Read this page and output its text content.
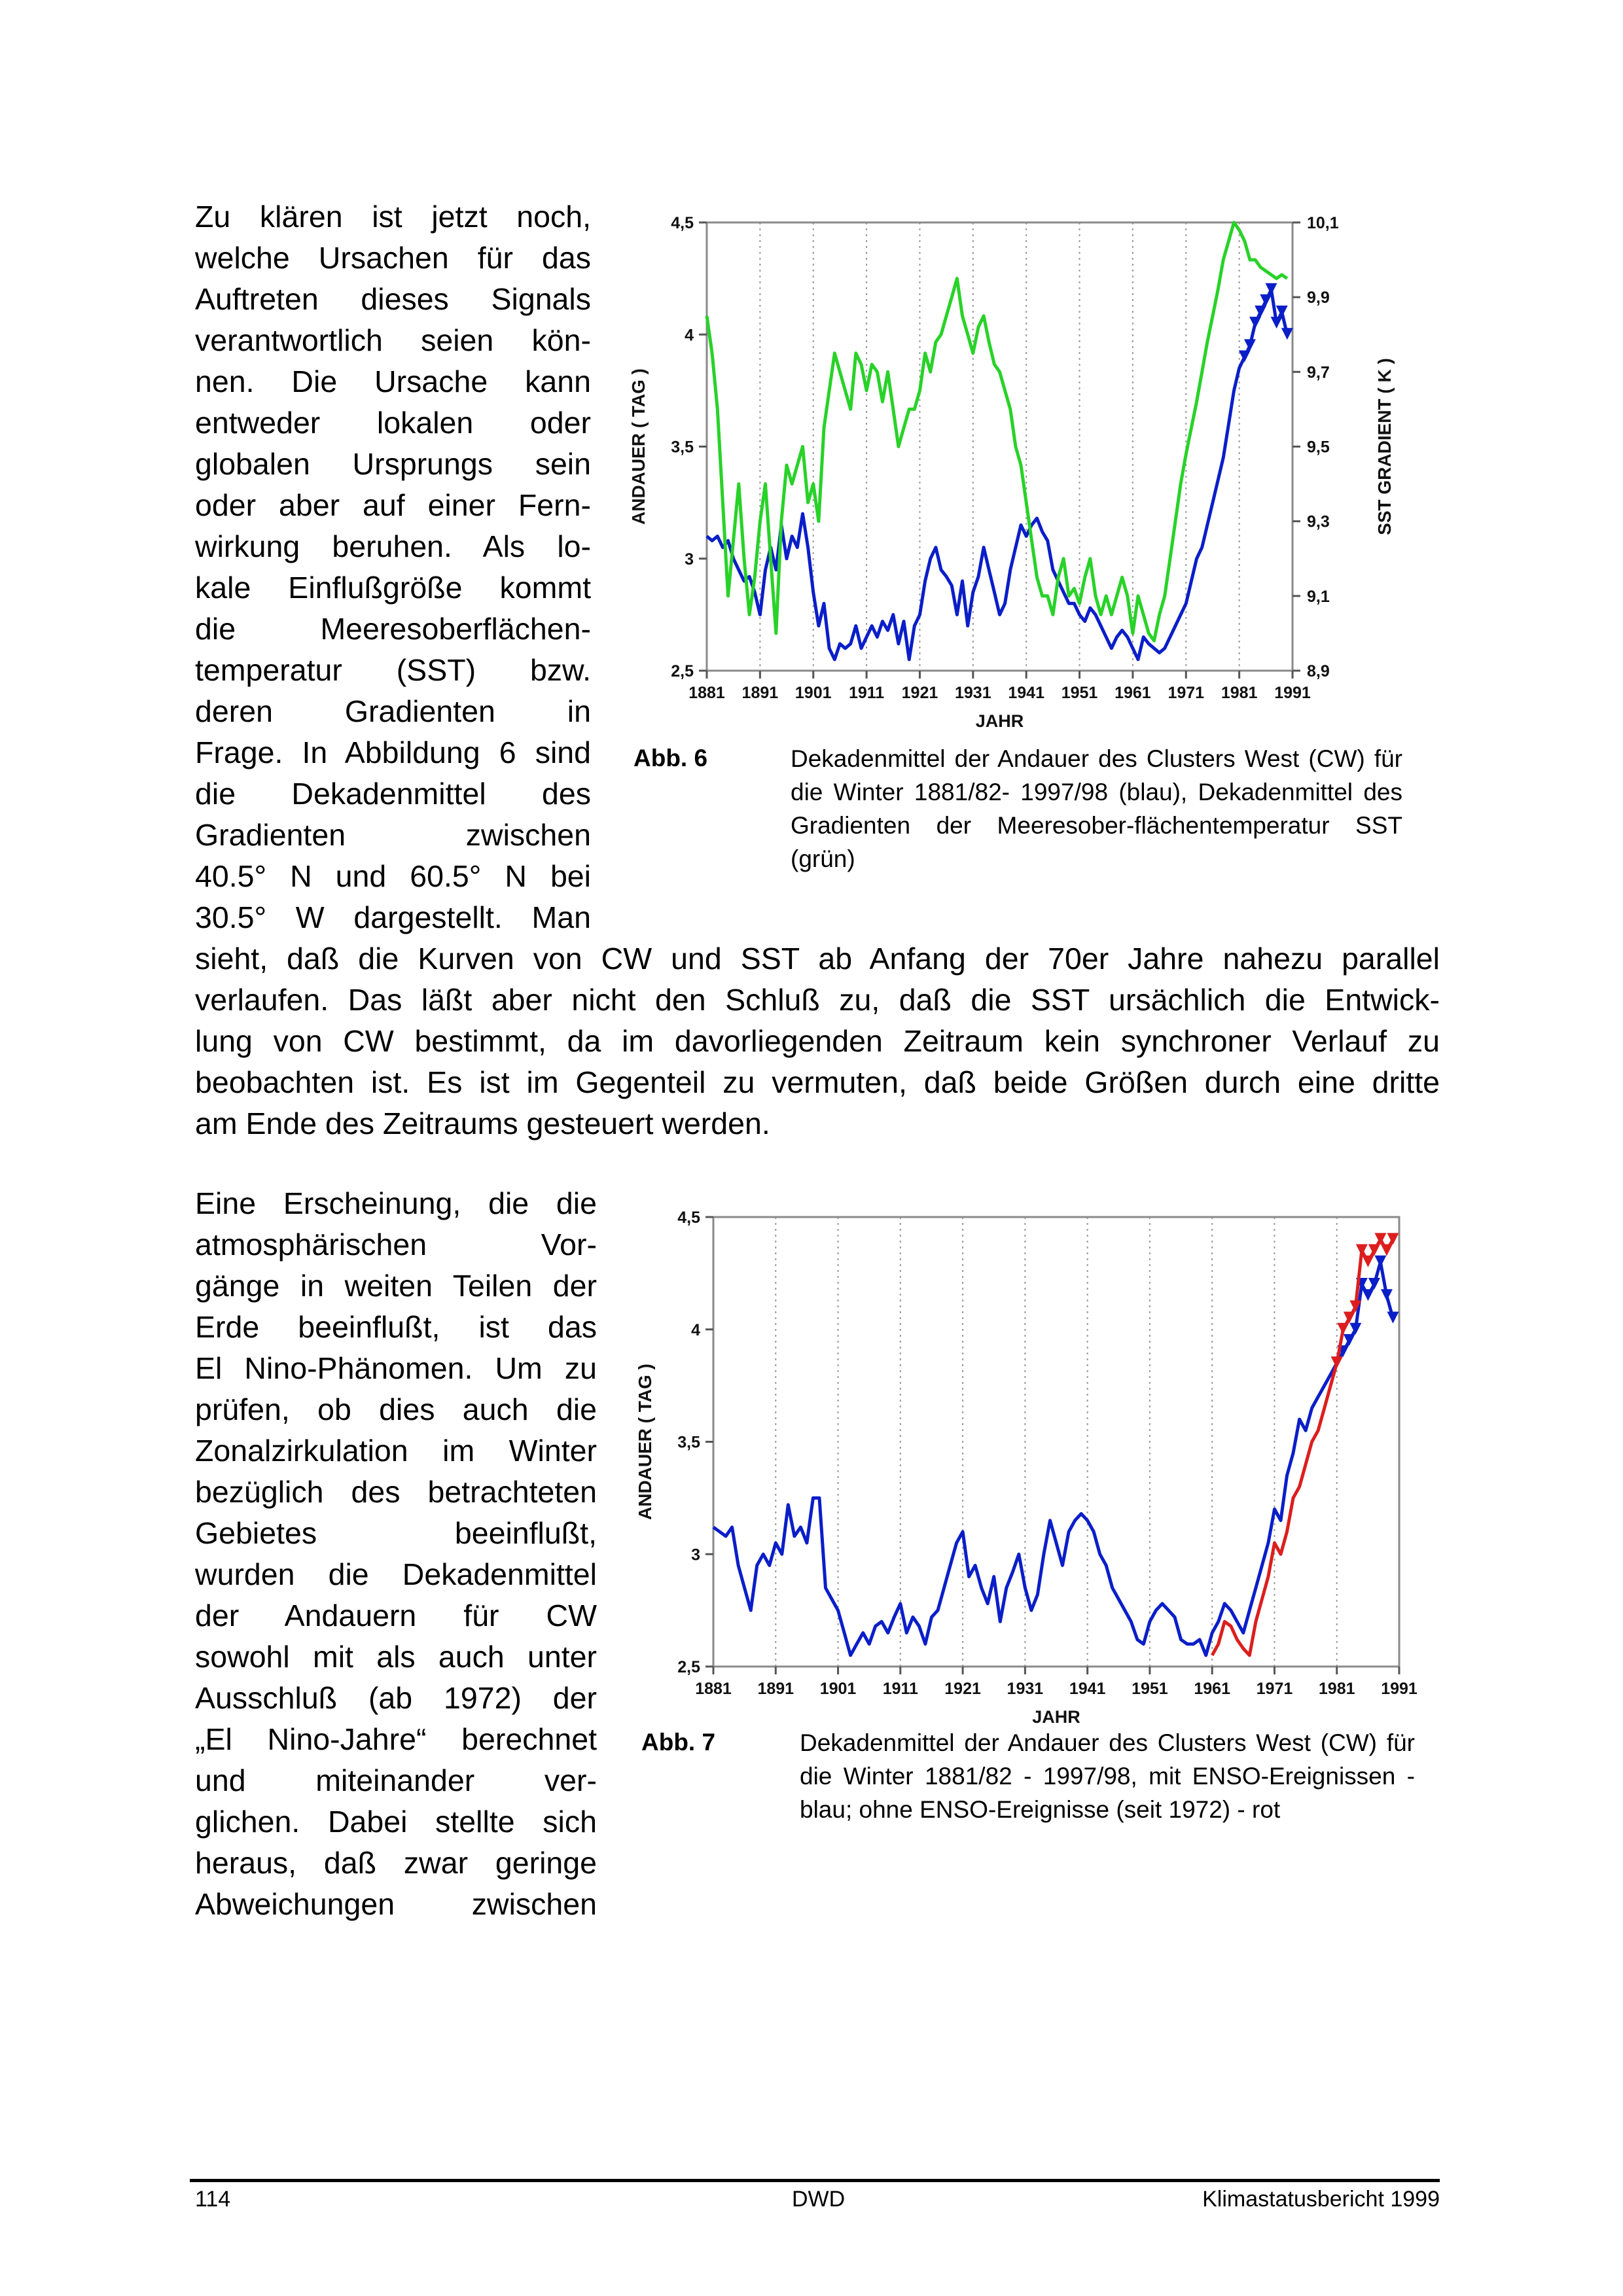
Zu klären ist jetzt noch,
welche Ursachen für das
Auftreten dieses Signals
verantwortlich seien kön-
nen. Die Ursache kann
entweder lokalen oder
globalen Ursprungs sein
oder aber auf einer Fern-
wirkung beruhen. Als lo-
kale Einflußgröße kommt
die Meeresoberflächen-
temperatur (SST) bzw.
deren Gradienten in
Frage. In Abbildung 6 sind
die Dekadenmittel des
Gradienten zwischen
40.5° N und 60.5° N bei
30.5° W dargestellt. Man
1881 1891 1901 1911 1921 1931 1941 1951 1961 1971 1981 1991
2,5
3
3,5
4
4,5
8,9
9,1
9,3
9,5
9,7
9,9
10,1
SST GRADIENT ( K )
JAHR
ANDAUER ( TAG )
Abb. 6	Dekadenmittel der Andauer des Clusters West (CW) für die Winter 1881/82- 1997/98 (blau), Dekadenmittel des Gradienten der Meeresober-flächentemperatur SST (grün)
sieht, daß die Kurven von CW und SST ab Anfang der 70er Jahre nahezu parallel
verlaufen. Das läßt aber nicht den Schluß zu, daß die SST ursächlich die Entwick-
lung von CW bestimmt, da im davorliegenden Zeitraum kein synchroner Verlauf zu
beobachten ist. Es ist im Gegenteil zu vermuten, daß beide Größen durch eine dritte
am Ende des Zeitraums gesteuert werden.
Eine Erscheinung, die die
atmosphärischen Vor-
gänge in weiten Teilen der
Erde beeinflußt, ist das
El Nino-Phänomen. Um zu
prüfen, ob dies auch die
Zonalzirkulation im Winter
bezüglich des betrachteten
Gebietes beeinflußt,
wurden die Dekadenmittel
der Andauern für CW
sowohl mit als auch unter
Ausschluß (ab 1972) der
„El Nino-Jahre“ berechnet
und miteinander ver-
glichen. Dabei stellte sich
heraus, daß zwar geringe
Abweichungen zwischen
1881 1891 1901 1911 1921 1931 1941 1951 1961 1971 1981 1991
2,5
3
3,5
4
4,5
JAHR
ANDAUER ( TAG )
Abb. 7	Dekadenmittel der Andauer des Clusters West (CW) für die Winter 1881/82 - 1997/98, mit ENSO-Ereignissen - blau; ohne ENSO-Ereignisse (seit 1972) - rot
114	DWD	Klimastatusbericht 1999
